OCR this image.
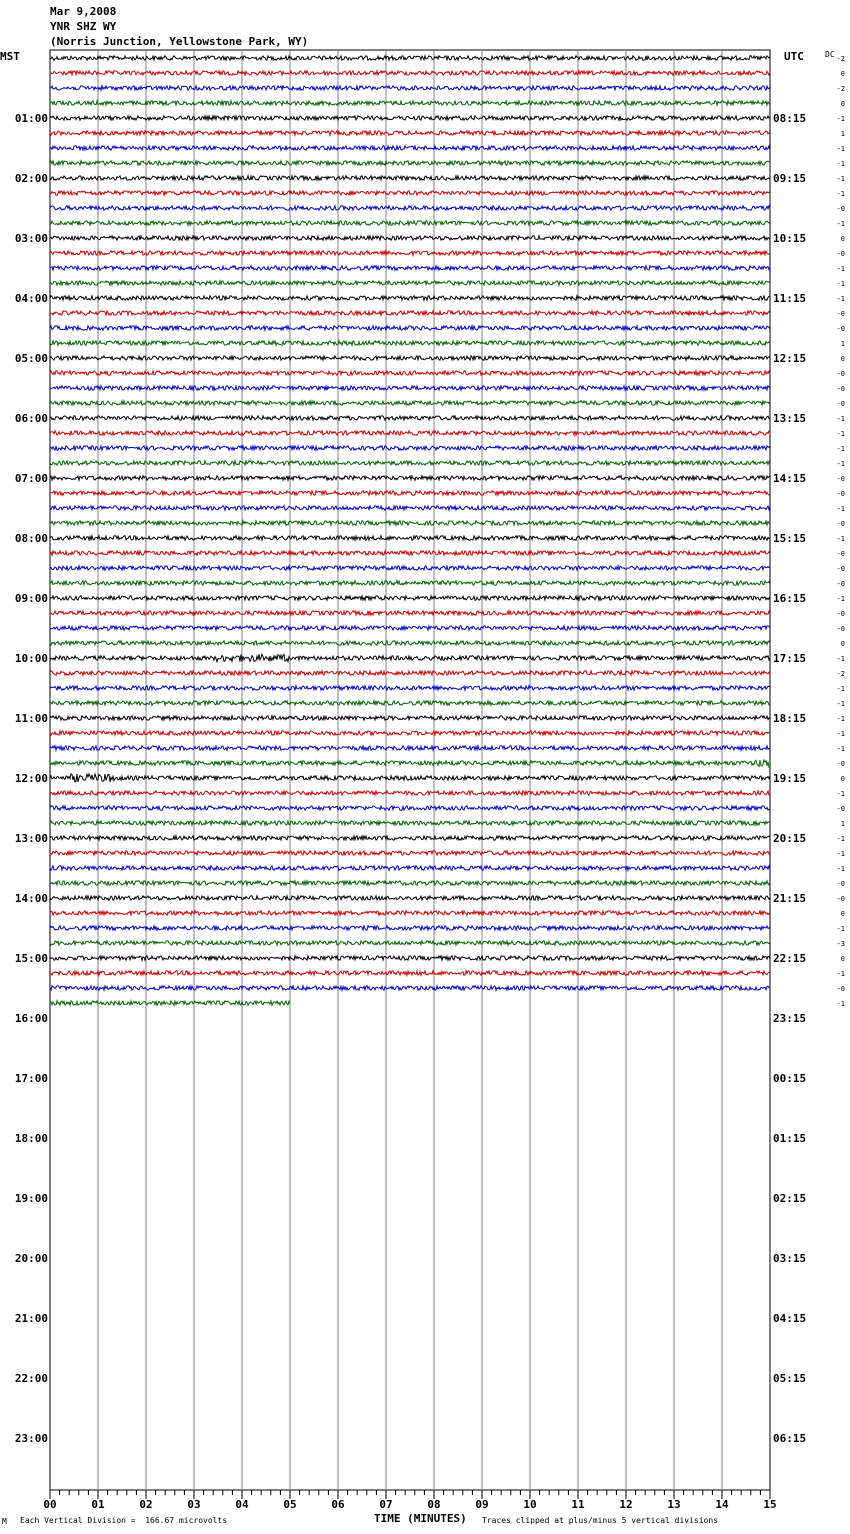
Mar 9,2008
YNR SHZ WY
(Norris Junction, Yellowstone Park, WY)
MST	UTC	DC -2
0
-2
0
-1
1
-1
-1
-1
-1
-0
-1
0
-0
-1
-1
-1
-0
-0
1
0
-0
-0
-0
-1
-1
-1
-1
-0
-0
-1
-0
-1
-0
-0
-0
-1
-0
-0
0
-1
-2
-1
-1
-1
-1
-1
-0
0
-1
-0
1
-1
-1
-1
-0
-0
0
-1
-3
0
-1
-0
-1
01:00	08:15
02:00	09:15
03:00	10:15
04:00	11:15
05:00	12:15
06:00	13:15
07:00	14:15
08:00	15:15
09:00	16:15
10:00	17:15
11:00	18:15
12:00	19:15
13:00	20:15
14:00	21:15
15:00	22:15
16:00	23:15
17:00	00:15
18:00	01:15
19:00	02:15
20:00	03:15
21:00	04:15
22:00	05:15
23:00	06:15
00	01	02	03	04	05	06	07	08	09	10	11	12	13	14	15
M Each Vertical Division =  166.67 microvolts	TIME (MINUTES) Traces clipped at plus/minus 5 vertical divisions
